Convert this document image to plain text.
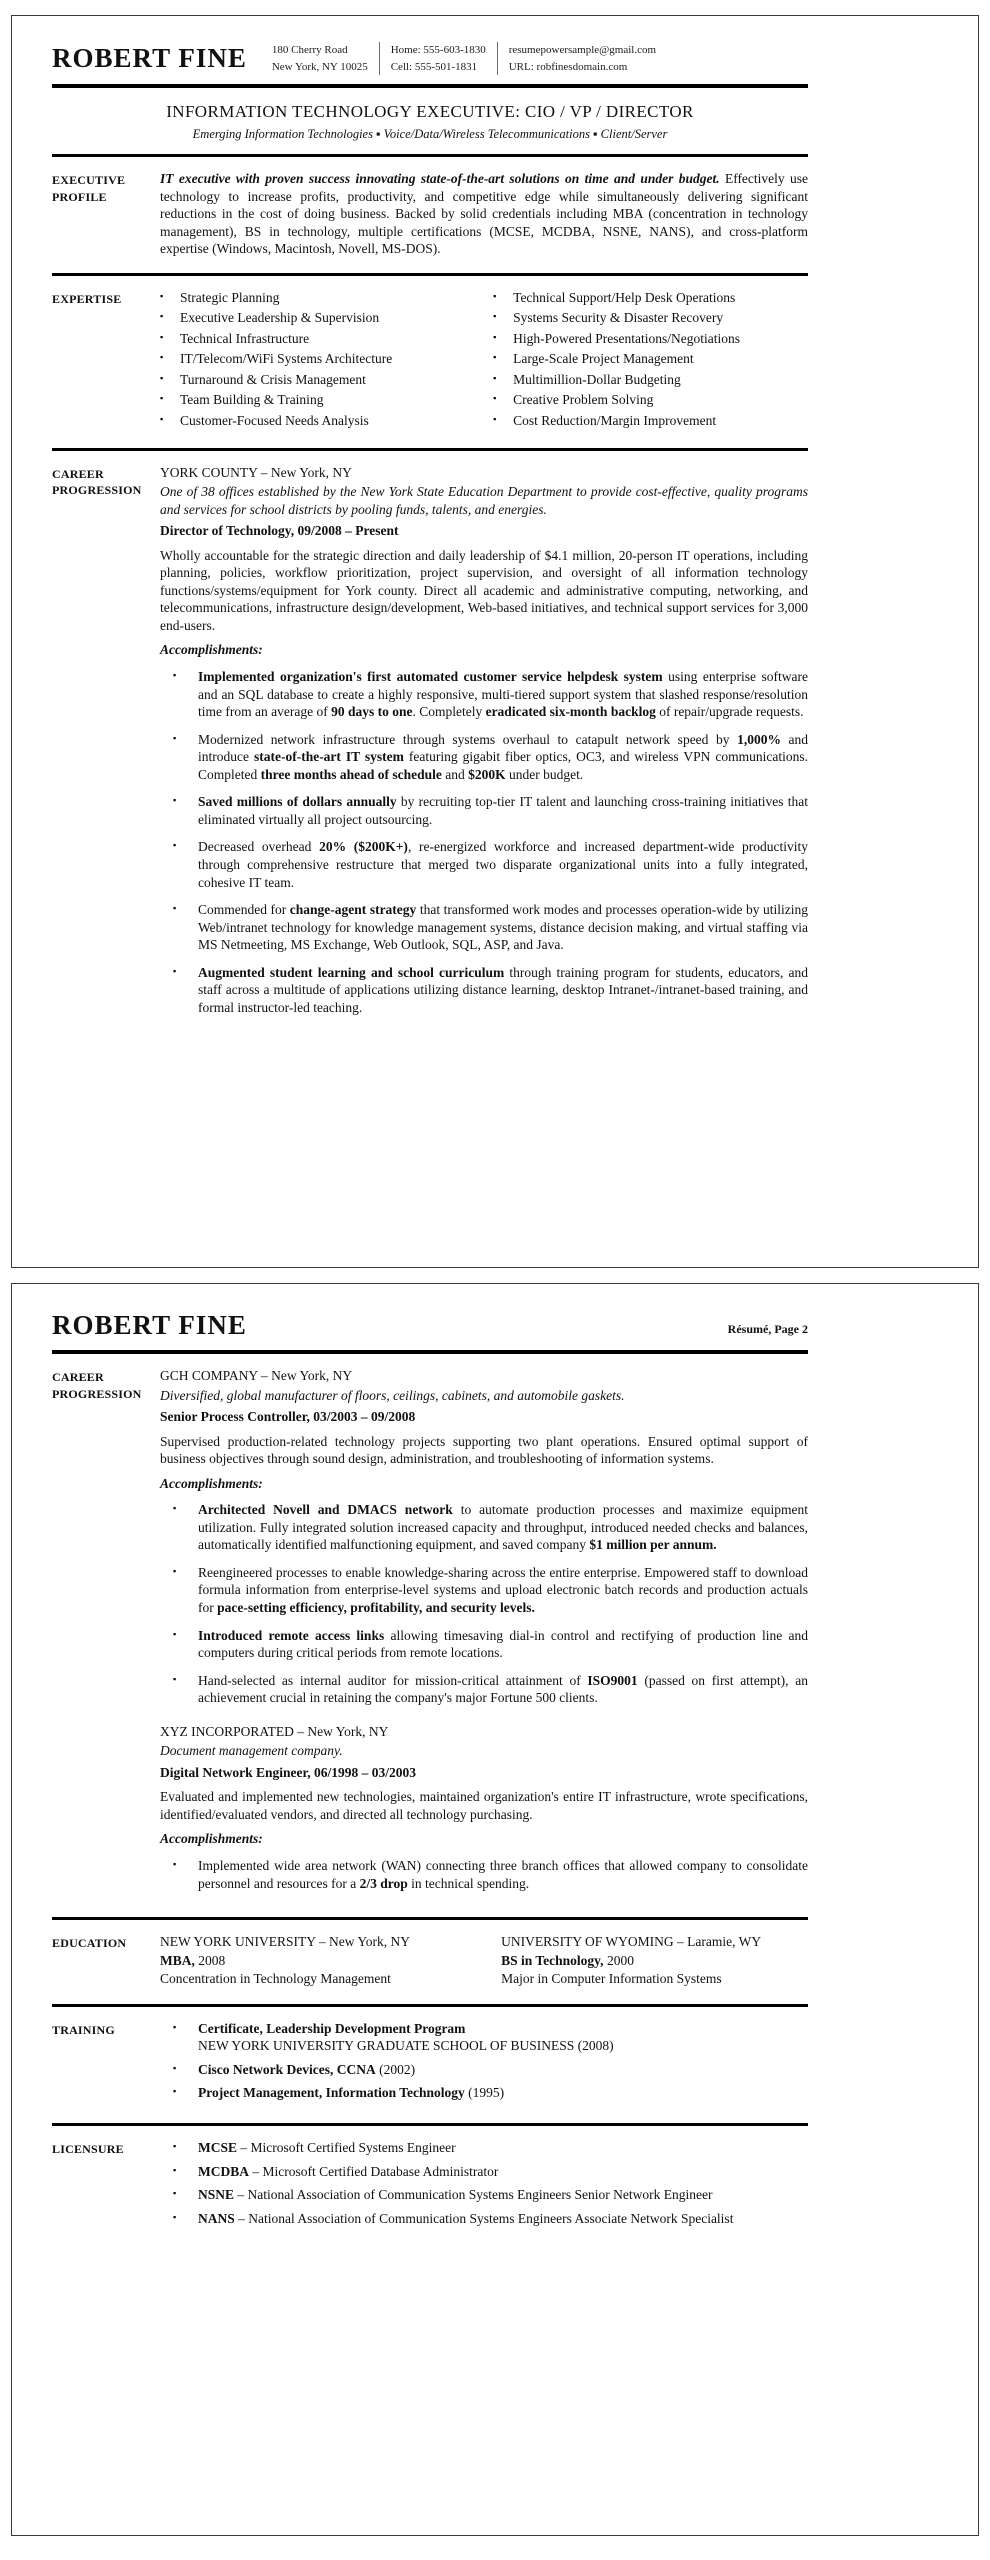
ROBERT FINE 180 Cherry Road
New York, NY 10025
Home: 555-603-1830
Cell: 555-501-1831
resumepowersample@gmail.com
URL: robfinesdomain.com
INFORMATION TECHNOLOGY EXECUTIVE: CIO / VP / DIRECTOR
Emerging Information Technologies ▪ Voice/Data/Wireless Telecommunications ▪ Client/Server
EXECUTIVE PROFILE

IT executive with proven success innovating state-of-the-art solutions on time and under budget. Effectively use technology to increase profits, productivity, and competitive edge while simultaneously delivering significant reductions in the cost of doing business. Backed by solid credentials including MBA (concentration in technology management), BS in technology, multiple certifications (MCSE, MCDBA, NSNE, NANS), and cross-platform expertise (Windows, Macintosh, Novell, MS-DOS).

EXPERTISE	▪	Strategic Planning
▪	Executive Leadership & Supervision
▪	Technical Infrastructure
▪	IT/Telecom/WiFi Systems Architecture
▪	Turnaround & Crisis Management
▪	Team Building & Training
▪	Customer-Focused Needs Analysis
▪	Technical Support/Help Desk Operations
▪	Systems Security & Disaster Recovery
▪	High-Powered Presentations/Negotiations
▪	Large-Scale Project Management
▪	Multimillion-Dollar Budgeting
▪	Creative Problem Solving
▪	Cost Reduction/Margin Improvement
CAREER PROGRESSION
YORK COUNTY – New York, NY

One of 38 offices established by the New York State Education Department to provide cost-effective, quality programs and services for school districts by pooling funds, talents, and energies.

Director of Technology, 09/2008 – Present

Wholly accountable for the strategic direction and daily leadership of $4.1 million, 20-person IT operations, including planning, policies, workflow prioritization, project supervision, and oversight of all information technology functions/systems/equipment for York county. Direct all academic and administrative computing, networking, and telecommunications, infrastructure design/development, Web-based initiatives, and technical support services for 3,000 end-users.

Accomplishments:
▪	Implemented organization's first automated customer service helpdesk system using enterprise software and an SQL database to create a highly responsive, multi-tiered support system that slashed response/resolution time from an average of 90 days to one. Completely eradicated six-month backlog of repair/upgrade requests.

▪	Modernized network infrastructure through systems overhaul to catapult network speed by 1,000% and introduce state-of-the-art IT system featuring gigabit fiber optics, OC3, and wireless VPN communications. Completed three months ahead of schedule and $200K under budget.

▪	Saved millions of dollars annually by recruiting top-tier IT talent and launching cross-training initiatives that eliminated virtually all project outsourcing.

▪	Decreased overhead 20% ($200K+), re-energized workforce and increased department-wide productivity through comprehensive restructure that merged two disparate organizational units into a fully integrated, cohesive IT team.

▪	Commended for change-agent strategy that transformed work modes and processes operation-wide by utilizing Web/intranet technology for knowledge management systems, distance decision making, and virtual staffing via MS Netmeeting, MS Exchange, Web Outlook, SQL, ASP, and Java.

▪	Augmented student learning and school curriculum through training program for students, educators, and staff across a multitude of applications utilizing distance learning, desktop Intranet-/intranet-based training, and formal instructor-led teaching.

ROBERT FINE	Résumé, Page 2
CAREER PROGRESSION
GCH COMPANY – New York, NY

Diversified, global manufacturer of floors, ceilings, cabinets, and automobile gaskets.

Senior Process Controller, 03/2003 – 09/2008

Supervised production-related technology projects supporting two plant operations. Ensured optimal support of business objectives through sound design, administration, and troubleshooting of information systems.

Accomplishments:
▪	Architected Novell and DMACS network to automate production processes and maximize equipment utilization. Fully integrated solution increased capacity and throughput, introduced needed checks and balances, automatically identified malfunctioning equipment, and saved company $1 million per annum.

▪	Reengineered processes to enable knowledge-sharing across the entire enterprise. Empowered staff to download formula information from enterprise-level systems and upload electronic batch records and production actuals for pace-setting efficiency, profitability, and security levels.

▪	Introduced remote access links allowing timesaving dial-in control and rectifying of production line and computers during critical periods from remote locations.

▪	Hand-selected as internal auditor for mission-critical attainment of ISO9001 (passed on first attempt), an achievement crucial in retaining the company's major Fortune 500 clients.

XYZ INCORPORATED – New York, NY

Document management company.

Digital Network Engineer, 06/1998 – 03/2003

Evaluated and implemented new technologies, maintained organization's entire IT infrastructure, wrote specifications, identified/evaluated vendors, and directed all technology purchasing.

Accomplishments:
▪	Implemented wide area network (WAN) connecting three branch offices that allowed company to consolidate personnel and resources for a 2/3 drop in technical spending.

EDUCATION	NEW YORK UNIVERSITY – New York, NY
MBA, 2008
Concentration in Technology Management
UNIVERSITY OF WYOMING – Laramie, WY
BS in Technology, 2000
Major in Computer Information Systems
TRAINING	▪	Certificate, Leadership Development Program
NEW YORK UNIVERSITY GRADUATE SCHOOL OF BUSINESS (2008)

▪	Cisco Network Devices, CCNA (2002)

▪	Project Management, Information Technology (1995)

LICENSURE	▪	MCSE – Microsoft Certified Systems Engineer

▪	MCDBA – Microsoft Certified Database Administrator

▪	NSNE – National Association of Communication Systems Engineers Senior Network Engineer

▪	NANS – National Association of Communication Systems Engineers Associate Network Specialist
